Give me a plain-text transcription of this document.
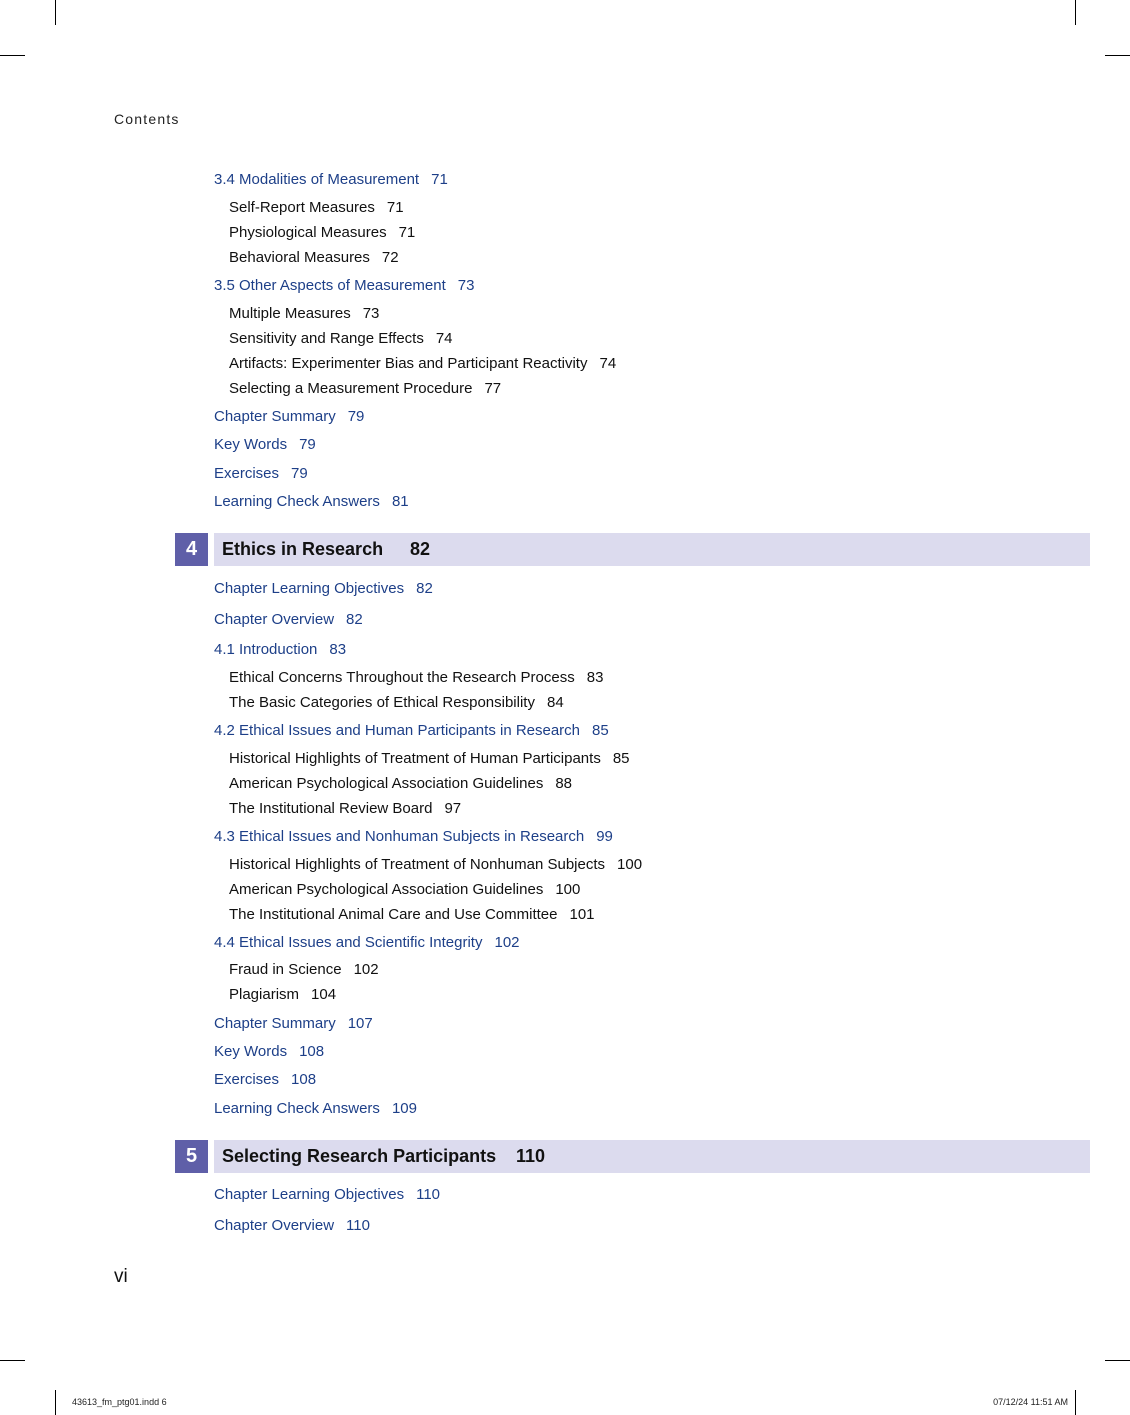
Contents
3.4 Modalities of Measurement 71
Self-Report Measures 71
Physiological Measures 71
Behavioral Measures 72
3.5 Other Aspects of Measurement 73
Multiple Measures 73
Sensitivity and Range Effects 74
Artifacts: Experimenter Bias and Participant Reactivity 74
Selecting a Measurement Procedure 77
Chapter Summary 79
Key Words 79
Exercises 79
Learning Check Answers 81
4	Ethics in Research 82
Chapter Learning Objectives 82
Chapter Overview 82
4.1 Introduction 83
Ethical Concerns Throughout the Research Process 83
The Basic Categories of Ethical Responsibility 84
4.2 Ethical Issues and Human Participants in Research 85
Historical Highlights of Treatment of Human Participants 85
American Psychological Association Guidelines 88
The Institutional Review Board 97
4.3 Ethical Issues and Nonhuman Subjects in Research 99
Historical Highlights of Treatment of Nonhuman Subjects 100
American Psychological Association Guidelines 100
The Institutional Animal Care and Use Committee 101
4.4 Ethical Issues and Scientific Integrity 102
Fraud in Science 102
Plagiarism 104
Chapter Summary 107
Key Words 108
Exercises 108
Learning Check Answers 109
5	Selecting Research Participants 110
Chapter Learning Objectives 110
Chapter Overview 110
vi
43613_fm_ptg01.indd 6	07/12/24 11:51 AM
